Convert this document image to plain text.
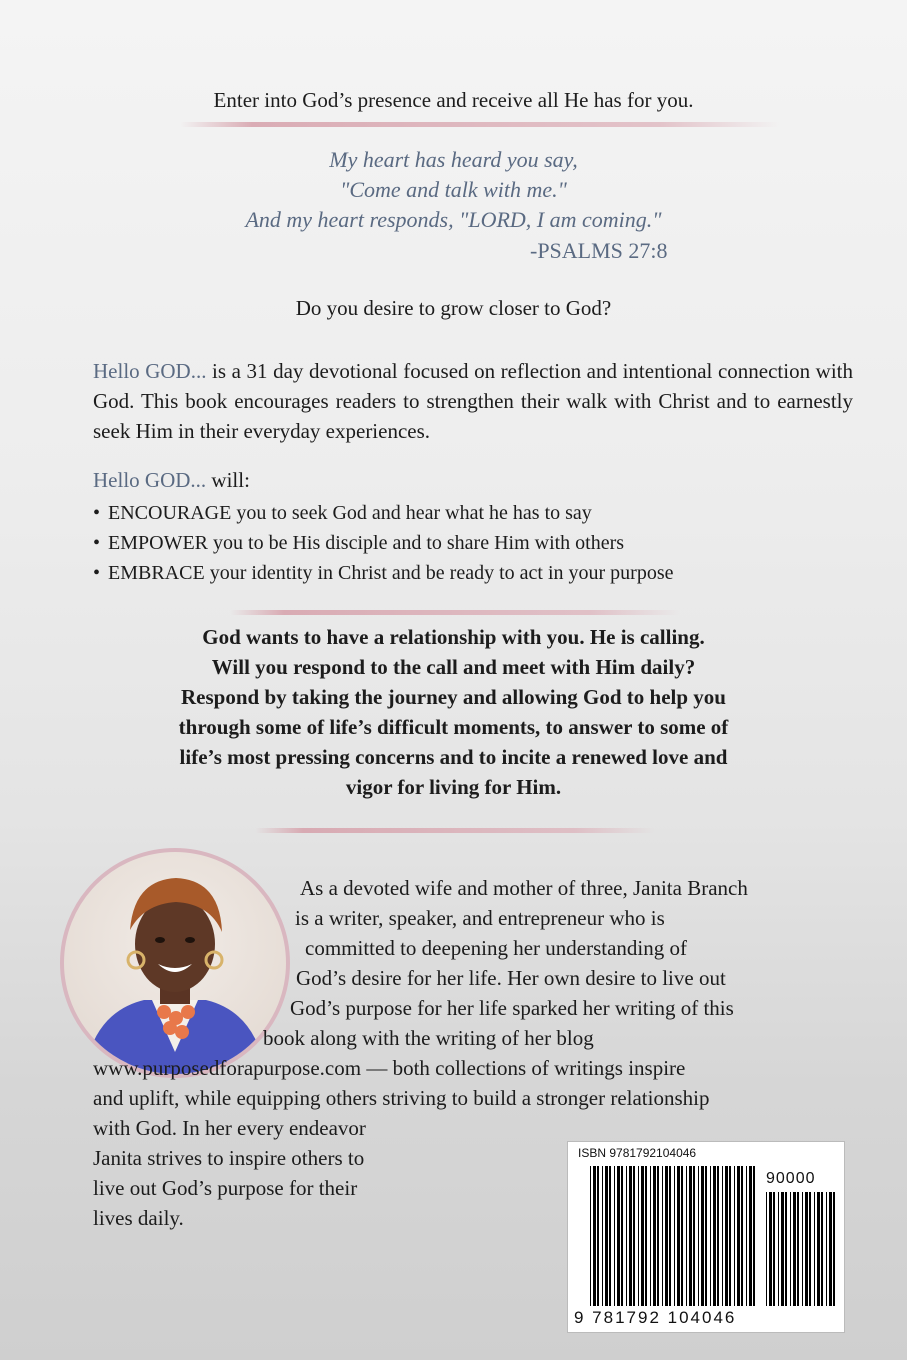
Enter into God’s presence and receive all He has for you.
My heart has heard you say,
"Come and talk with me."
And my heart responds, "LORD, I am coming."
-PSALMS 27:8
Do you desire to grow closer to God?
Hello GOD... is a 31 day devotional focused on reflection and intentional connection with God. This book encourages readers to strengthen their walk with Christ and to earnestly seek Him in their everyday experiences.
Hello GOD... will:
• ENCOURAGE you to seek God and hear what he has to say
• EMPOWER you to be His disciple and to share Him with others
• EMBRACE your identity in Christ and be ready to act in your purpose
God wants to have a relationship with you. He is calling.
Will you respond to the call and meet with Him daily?
Respond by taking the journey and allowing God to help you
through some of life’s difficult moments, to answer to some of
life’s most pressing concerns and to incite a renewed love and
vigor for living for Him.
As a devoted wife and mother of three, Janita Branch
is a writer, speaker, and entrepreneur who is
committed to deepening her understanding of
God’s desire for her life. Her own desire to live out
God’s purpose for her life sparked her writing of this
book along with the writing of her blog
www.purposedforapurpose.com — both collections of writings inspire
and uplift, while equipping others striving to build a stronger relationship
with God. In her every endeavor
Janita strives to inspire others to
live out God’s purpose for their
lives daily.
ISBN 9781792104046
90000
9 781792 104046
